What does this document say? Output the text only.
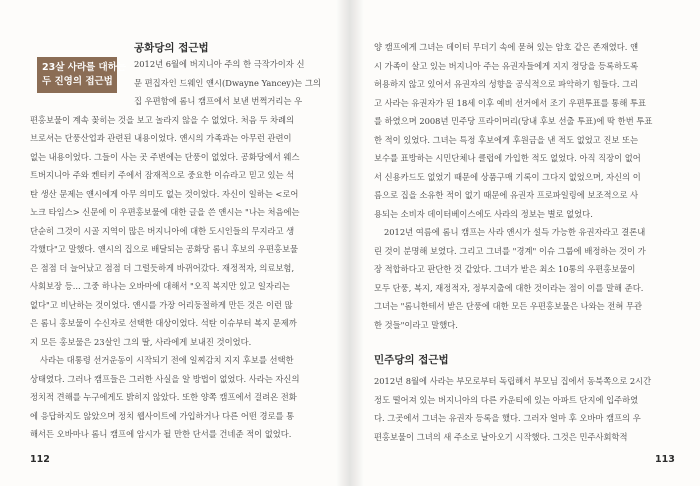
23살 사라를 대하는
두 진영의 접근법
공화당의 접근법
2012년 6월에 버지니아 주의 한 극작가이자 신
문 편집자인 드웨인 얜시(Dwayne Yancey)는 그의
집 우편함에 롬니 캠프에서 보낸 번쩍거리는 우
편홍보물이 계속 꽂히는 것을 보고 놀라지 않을 수 없었다. 처음 두 차례의
브로셔는 단풍산업과 관련된 내용이었다. 얜시의 가족과는 아무런 관련이
없는 내용이었다. 그들이 사는 곳 주변에는 단풍이 없었다. 공화당에서 웨스
트버지니아 주와 켄터키 주에서 잠재적으로 중요한 이슈라고 믿고 있는 석
탄 생산 문제는 얜시에게 아무 의미도 없는 것이었다. 자신이 일하는 <로어
노크 타임스> 신문에 이 우편홍보물에 대한 글을 쓴 얜시는 "나는 처음에는
단순히 그것이 시골 지역이 많은 버지니아에 대한 도시인들의 무지라고 생
각했다"고 말했다. 얜시의 집으로 배달되는 공화당 롬니 후보의 우편홍보물
은 점점 더 늘어났고 점점 더 그럴듯하게 바뀌어갔다. 재정적자, 의료보험,
사회보장 등... 그중 하나는 오바마에 대해서 "오직 복지만 있고 일자리는
없다"고 비난하는 것이었다. 얜시를 가장 어리둥절하게 만든 것은 이런 많
은 롬니 홍보물이 수신자로 선택한 대상이었다. 석탄 이슈부터 복지 문제까
지 모든 홍보물은 23살인 그의 딸, 사라에게 보내진 것이었다.
사라는 대통령 선거운동이 시작되기 전에 일찌감치 지지 후보를 선택한
상태였다. 그러나 캠프들은 그러한 사실을 알 방법이 없었다. 사라는 자신의
정치적 견해를 누구에게도 밝히지 않았다. 또한 양쪽 캠프에서 걸려온 전화
에 응답하지도 않았으며 정치 웹사이트에 가입하거나 다른 어떤 경로를 통
해서든 오바마나 롬니 캠프에 암시가 될 만한 단서를 건네준 적이 없었다.
112
양 캠프에게 그녀는 데이터 무더기 속에 묻혀 있는 암호 같은 존재였다. 얜
시 가족이 살고 있는 버지니아 주는 유권자들에게 지지 정당을 등록하도록
허용하지 않고 있어서 유권자의 성향을 공식적으로 파악하기 힘들다. 그리
고 사라는 유권자가 된 18세 이후 예비 선거에서 조기 우편투표를 통해 투표
를 하였으며 2008년 민주당 프라이머리(당내 후보 선출 투표)에 딱 한번 투표
한 적이 있었다. 그녀는 특정 후보에게 후원금을 낸 적도 없었고 진보 또는
보수를 표방하는 시민단체나 클럽에 가입한 적도 없었다. 아직 직장이 없어
서 신용카드도 없었기 때문에 상품구매 기록이 그다지 없었으며, 자신의 이
름으로 집을 소유한 적이 없기 때문에 유권자 프로파일링에 보조적으로 사
용되는 소비자 데이터베이스에도 사라의 정보는 별로 없었다.
2012년 여름에 롬니 캠프는 사라 얜시가 설득 가능한 유권자라고 결론내
린 것이 분명해 보였다. 그리고 그녀를 "경계" 이슈 그룹에 배정하는 것이 가
장 적합하다고 판단한 것 같았다. 그녀가 받은 최소 10통의 우편홍보물이
모두 단풍, 복지, 재정적자, 정부지출에 대한 것이라는 점이 이를 말해 준다.
그녀는 "롬니한테서 받은 단풍에 대한 모든 우편홍보물은 나와는 전혀 무관
한 것들"이라고 말했다.
민주당의 접근법
2012년 8월에 사라는 부모로부터 독립해서 부모님 집에서 동북쪽으로 2시간
정도 떨어져 있는 버지니아의 다른 카운티에 있는 아파트 단지에 입주하였
다. 그곳에서 그녀는 유권자 등록을 했다. 그러자 얼마 후 오바마 캠프의 우
편홍보물이 그녀의 새 주소로 날아오기 시작했다. 그것은 민주사회학적
113
